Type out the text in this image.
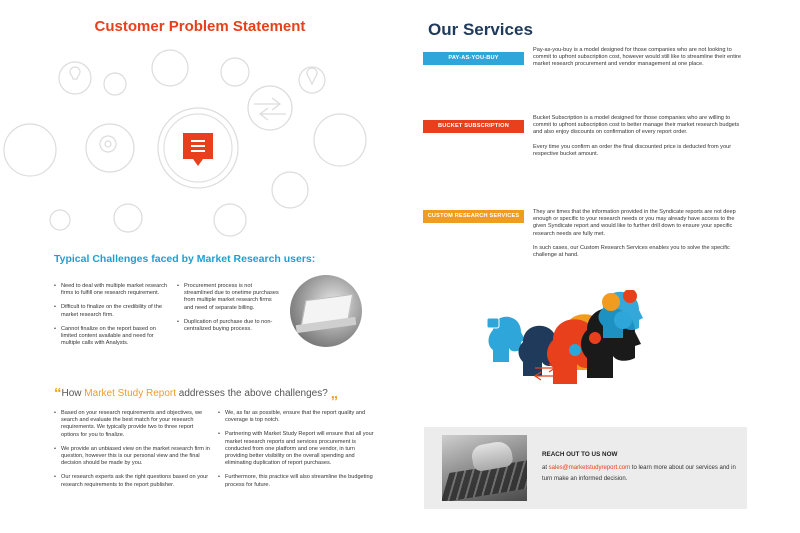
Customer Problem Statement
Typical Challenges faced by Market Research users:
• Need to deal with multiple market research firms to fulfill one research requirement.
• Difficult to finalize on the credibility of the market research firm.
• Cannot finalize on the report based on limited content available and need for multiple calls with Analysts.
• Procurement process is not streamlined due to onetime purchases from multiple market research firms and need of separate billing.
• Duplication of purchase due to non-centralized buying process.
“How Market Study Report addresses the above challenges? „
• Based on your research requirements and objectives, we search and evaluate the best match for your research requirements. We typically provide two to three report options for you to finalize.
• We provide an unbiased view on the market research firm in question, however this is our personal view and the final decision should be made by you.
• Our research experts ask the right questions based on your research requirements to the report publisher.
• We, as far as possible, ensure that the report quality and coverage is top notch.
• Partnering with Market Study Report will ensure that all your market research reports and services procurement is conducted from one platform and one vendor, in turn providing better visibility on the overall spending and eliminating duplication of report purchases.
• Furthermore, this practice will also streamline the budgeting process for future.
Our Services
PAY-AS-YOU-BUY

Pay-as-you-buy is a model designed for those companies who are not looking to commit to upfront subscription cost, however would still like to streamline their entire market research procurement and vendor management at one place.

BUCKET SUBSCRIPTION

Bucket Subscription is a model designed for those companies who are willing to commit to upfront subscription cost to better manage their market research budgets and also enjoy discounts on confirmation of every report order.

Every time you confirm an order the final discounted price is deducted from your respective bucket amount.

CUSTOM RESEARCH SERVICES

They are times that the information provided in the Syndicate reports are not deep enough or specific to your research needs or you may already have access to the given Syndicate report and would like to further drill down to ensure your specific research needs are fully met.

In such cases, our Custom Research Services enables you to solve the specific challenge at hand.

REACH OUT TO US NOW
at sales@marketstudyreport.com to learn more about our services and in turn make an informed decision.
